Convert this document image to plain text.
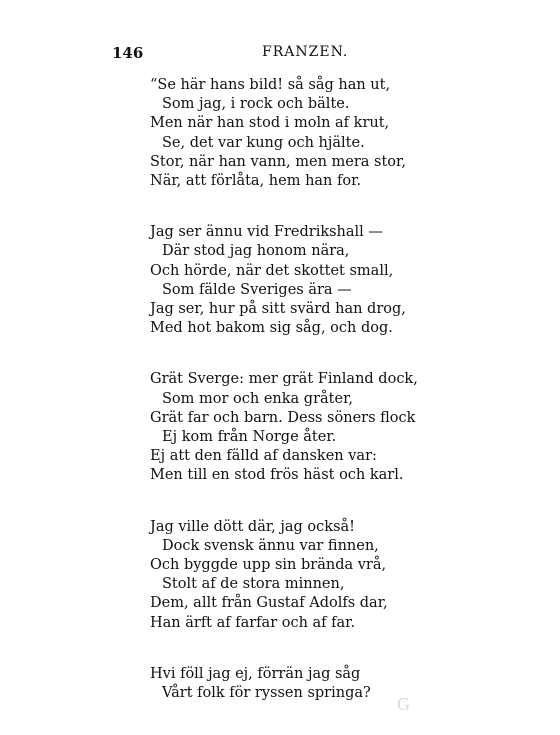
146	FRANZEN.
“Se här hans bild! så såg han ut,
Som jag, i rock och bälte.
Men när han stod i moln af krut,
Se, det var kung och hjälte.
Stor, när han vann, men mera stor,
När, att förlåta, hem han for.
Jag ser ännu vid Fredrikshall —
Där stod jag honom nära,
Och hörde, när det skottet small,
Som fälde Sveriges ära —
Jag ser, hur på sitt svärd han drog,
Med hot bakom sig såg, och dog.
Grät Sverge: mer grät Finland dock,
Som mor och enka gråter,
Grät far och barn. Dess söners flock
Ej kom från Norge åter.
Ej att den fälld af dansken var:
Men till en stod frös häst och karl.
Jag ville dött där, jag också!
Dock svensk ännu var finnen,
Och byggde upp sin brända vrå,
Stolt af de stora minnen,
Dem, allt från Gustaf Adolfs dar,
Han ärft af farfar och af far.
Hvi föll jag ej, förrän jag såg
Vårt folk för ryssen springa?
G
